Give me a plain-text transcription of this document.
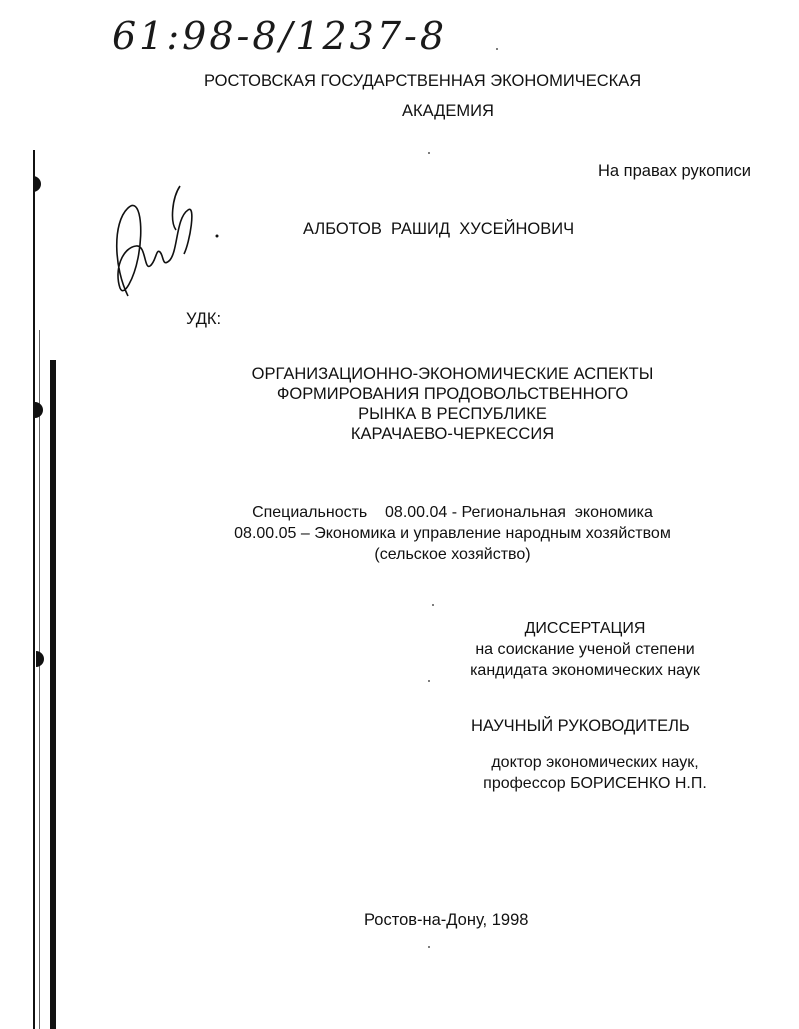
61:98-8/1237-8
РОСТОВСКАЯ ГОСУДАРСТВЕННАЯ ЭКОНОМИЧЕСКАЯ
АКАДЕМИЯ
На правах рукописи
АЛБОТОВ  РАШИД  ХУСЕЙНОВИЧ
УДК:
ОРГАНИЗАЦИОННО-ЭКОНОМИЧЕСКИЕ АСПЕКТЫ
ФОРМИРОВАНИЯ ПРОДОВОЛЬСТВЕННОГО
РЫНКА В РЕСПУБЛИКЕ
КАРАЧАЕВО-ЧЕРКЕССИЯ
Специальность    08.00.04 - Региональная  экономика
08.00.05 – Экономика и управление народным хозяйством
(сельское хозяйство)
ДИССЕРТАЦИЯ
на соискание ученой степени
кандидата экономических наук
НАУЧНЫЙ РУКОВОДИТЕЛЬ
доктор экономических наук,
профессор БОРИСЕНКО Н.П.
Ростов-на-Дону, 1998
